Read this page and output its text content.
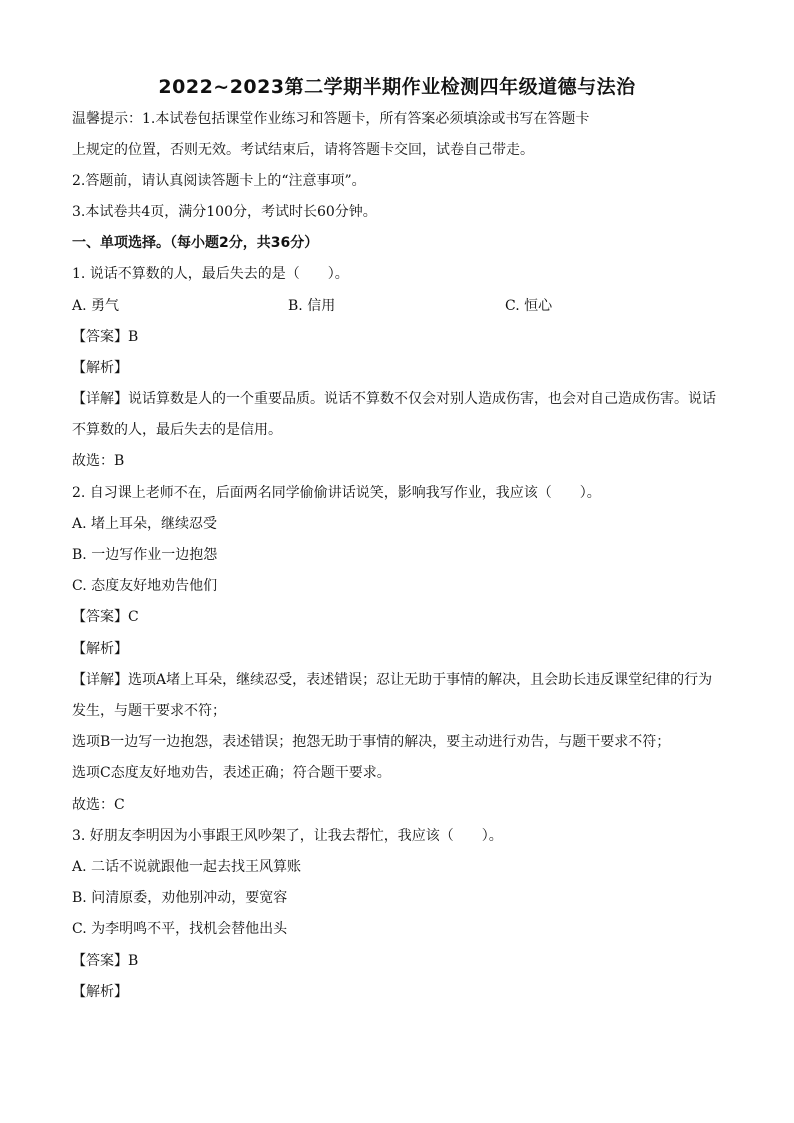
2022~2023第二学期半期作业检测四年级道德与法治
温馨提示：1.本试卷包括课堂作业练习和答题卡，所有答案必须填涂或书写在答题卡
上规定的位置，否则无效。考试结束后，请将答题卡交回，试卷自己带走。
2.答题前，请认真阅读答题卡上的“注意事项”。
3.本试卷共4页，满分100分，考试时长60分钟。
一、单项选择。（每小题2分，共36分）
1. 说话不算数的人，最后失去的是（　　）。
A. 勇气	B. 信用	C. 恒心
【答案】B
【解析】
【详解】说话算数是人的一个重要品质。说话不算数不仅会对别人造成伤害，也会对自己造成伤害。说话
不算数的人，最后失去的是信用。
故选：B
2. 自习课上老师不在，后面两名同学偷偷讲话说笑，影响我写作业，我应该（　　）。
A. 堵上耳朵，继续忍受
B. 一边写作业一边抱怨
C. 态度友好地劝告他们
【答案】C
【解析】
【详解】选项A堵上耳朵，继续忍受，表述错误；忍让无助于事情的解决，且会助长违反课堂纪律的行为
发生，与题干要求不符；
选项B一边写一边抱怨，表述错误；抱怨无助于事情的解决，要主动进行劝告，与题干要求不符；
选项C态度友好地劝告，表述正确；符合题干要求。
故选：C
3. 好朋友李明因为小事跟王风吵架了，让我去帮忙，我应该（　　）。
A. 二话不说就跟他一起去找王风算账
B. 问清原委，劝他别冲动，要宽容
C. 为李明鸣不平，找机会替他出头
【答案】B
【解析】
